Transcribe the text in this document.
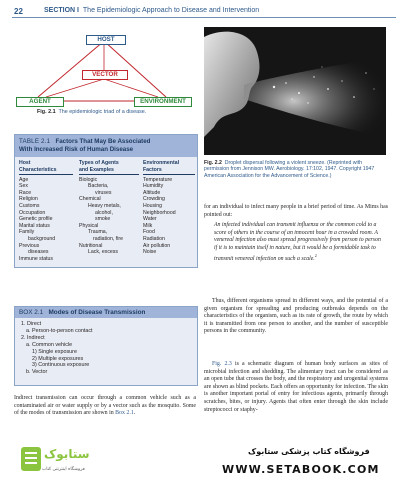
22	SECTION I The Epidemiologic Approach to Disease and Intervention
HOST
VECTOR
AGENT	ENVIRONMENT
Fig. 2.1 The epidemiologic triad of a disease.
TABLE 2.1 Factors That May Be Associated
With Increased Risk of Human Disease
Host
Characteristics
Age
Sex
Race
Religion
Customs
Occupation
Genetic profile
Marital status
Family
background
Previous
diseases
Immune status
Types of Agents
and Examples
Biologic
Bacteria,
viruses
Chemical
Heavy metals,
alcohol,
smoke
Physical
Trauma,
radiation, fire
Nutritional
Lack, excess
Environmental
Factors
Temperature
Humidity
Altitude
Crowding
Housing
Neighborhood
Water
Milk
Food
Radiation
Air pollution
Noise
BOX 2.1 Modes of Disease Transmission
1. Direct
a. Person-to-person contact
2. Indirect
a. Common vehicle
1) Single exposure
2) Multiple exposures
3) Continuous exposure
b. Vector
Indirect transmission can occur through a common vehicle such as a contaminated air or water supply or by a vector such as the mosquito. Some of the modes of transmission are shown in Box 2.1.
Fig. 2.2 Droplet dispersal following a violent sneeze. (Reprinted with permission from Jennison MW. Aerobiology. 17:102, 1947. Copyright 1947 American Association for the Advancement of Science.)
for an individual to infect many people in a brief period of time. As Mims has pointed out:
An infected individual can transmit influenza or the common cold to a score of others in the course of an innocent hour in a crowded room. A venereal infection also must spread progressively from person to person if it is to maintain itself in nature, but it would be a formidable task to transmit venereal infection on such a scale.$^2$
Thus, different organisms spread in different ways, and the potential of a given organism for spreading and producing outbreaks depends on the characteristics of the organism, such as its rate of growth, the route by which it is transmitted from one person to another, and the number of susceptible persons in the community.
Fig. 2.3 is a schematic diagram of human body surfaces as sites of microbial infection and shedding. The alimentary tract can be considered as an open tube that crosses the body, and the respiratory and urogenital systems are shown as blind pockets. Each offers an opportunity for infection. The skin is another important portal of entry for infectious agents, primarily through scratches, bites, or injury. Agents that often enter through the skin include streptococci or staphy-
ستابوک
فروشگاه اینترنتی کتاب
فروشگاه کتاب پزشکی ستابوک
WWW.SETABOOK.COM
